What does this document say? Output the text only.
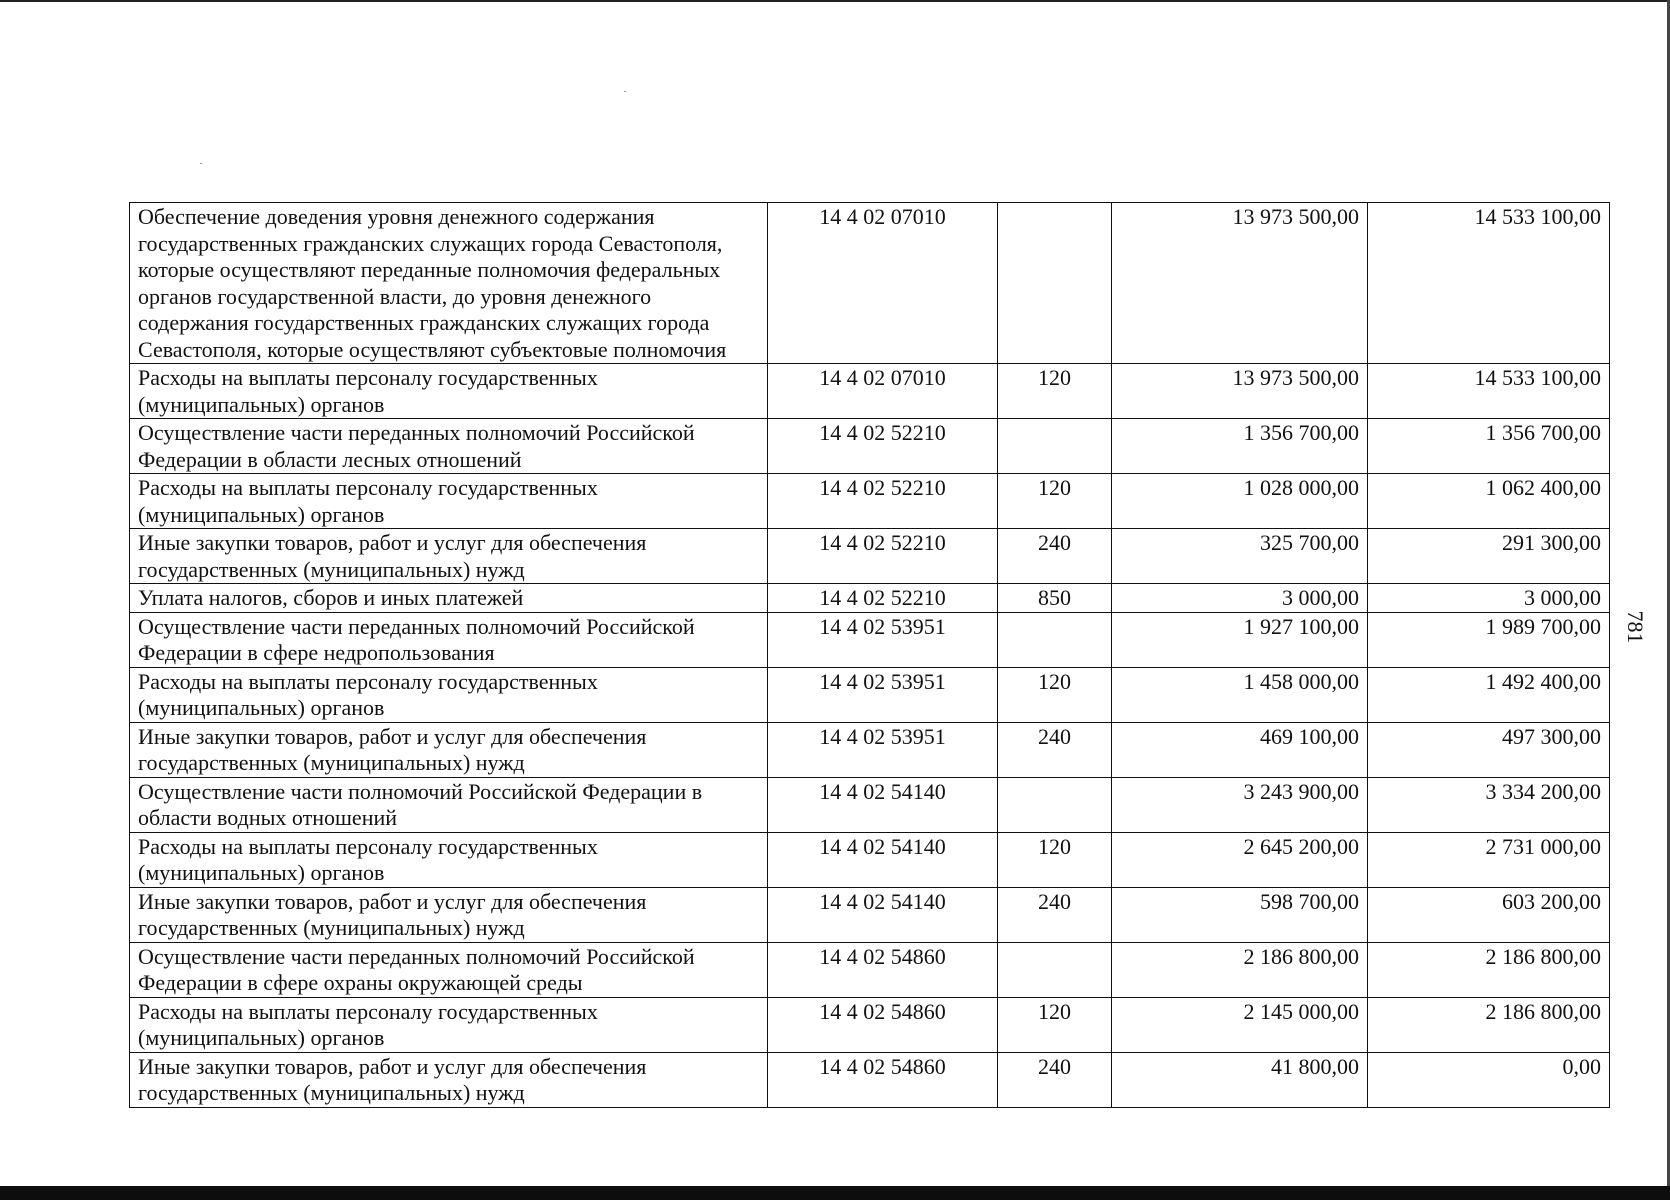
Обеспечение доведения уровня денежного содержания государственных гражданских служащих города Севастополя, которые осуществляют переданные полномочия федеральных органов государственной власти, до уровня денежного содержания государственных гражданских служащих города Севастополя, которые осуществляют субъектовые полномочия	14 4 02 07010		13 973 500,00	14 533 100,00
Расходы на выплаты персоналу государственных (муниципальных) органов	14 4 02 07010	120	13 973 500,00	14 533 100,00
Осуществление части переданных полномочий Российской Федерации в области лесных отношений	14 4 02 52210		1 356 700,00	1 356 700,00
Расходы на выплаты персоналу государственных (муниципальных) органов	14 4 02 52210	120	1 028 000,00	1 062 400,00
Иные закупки товаров, работ и услуг для обеспечения государственных (муниципальных) нужд	14 4 02 52210	240	325 700,00	291 300,00
Уплата налогов, сборов и иных платежей	14 4 02 52210	850	3 000,00	3 000,00
Осуществление части переданных полномочий Российской Федерации в сфере недропользования	14 4 02 53951		1 927 100,00	1 989 700,00
Расходы на выплаты персоналу государственных (муниципальных) органов	14 4 02 53951	120	1 458 000,00	1 492 400,00
Иные закупки товаров, работ и услуг для обеспечения государственных (муниципальных) нужд	14 4 02 53951	240	469 100,00	497 300,00
Осуществление части полномочий Российской Федерации в области водных отношений	14 4 02 54140		3 243 900,00	3 334 200,00
Расходы на выплаты персоналу государственных (муниципальных) органов	14 4 02 54140	120	2 645 200,00	2 731 000,00
Иные закупки товаров, работ и услуг для обеспечения государственных (муниципальных) нужд	14 4 02 54140	240	598 700,00	603 200,00
Осуществление части переданных полномочий Российской Федерации в сфере охраны окружающей среды	14 4 02 54860		2 186 800,00	2 186 800,00
Расходы на выплаты персоналу государственных (муниципальных) органов	14 4 02 54860	120	2 145 000,00	2 186 800,00
Иные закупки товаров, работ и услуг для обеспечения государственных (муниципальных) нужд	14 4 02 54860	240	41 800,00	0,00
781
